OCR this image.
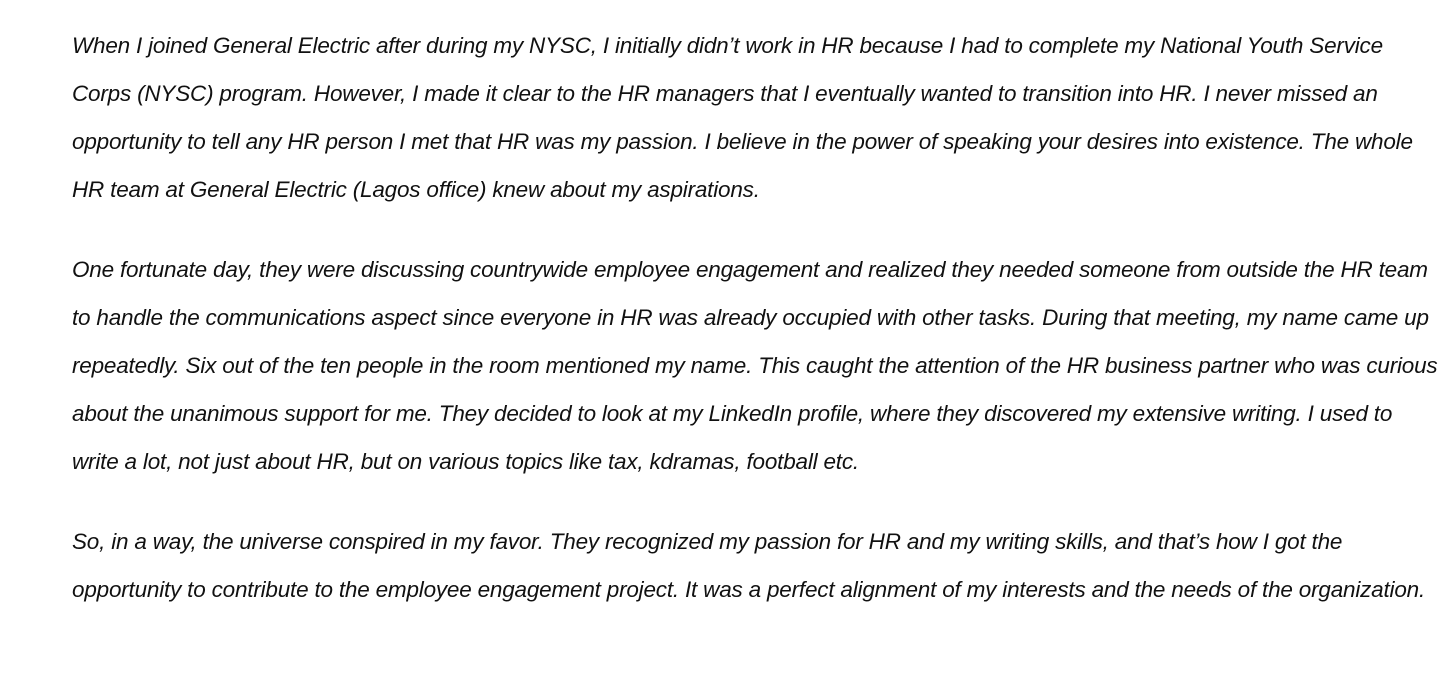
When I joined General Electric after during my NYSC, I initially didn’t work in HR because I had to complete my National Youth Service Corps (NYSC) program. However, I made it clear to the HR managers that I eventually wanted to transition into HR. I never missed an opportunity to tell any HR person I met that HR was my passion. I believe in the power of speaking your desires into existence. The whole HR team at General Electric (Lagos office) knew about my aspirations.

One fortunate day, they were discussing countrywide employee engagement and realized they needed someone from outside the HR team to handle the communications aspect since everyone in HR was already occupied with other tasks. During that meeting, my name came up repeatedly. Six out of the ten people in the room mentioned my name. This caught the attention of the HR business partner who was curious about the unanimous support for me. They decided to look at my LinkedIn profile, where they discovered my extensive writing. I used to write a lot, not just about HR, but on various topics like tax, kdramas, football etc.

So, in a way, the universe conspired in my favor. They recognized my passion for HR and my writing skills, and that’s how I got the opportunity to contribute to the employee engagement project. It was a perfect alignment of my interests and the needs of the organization.
